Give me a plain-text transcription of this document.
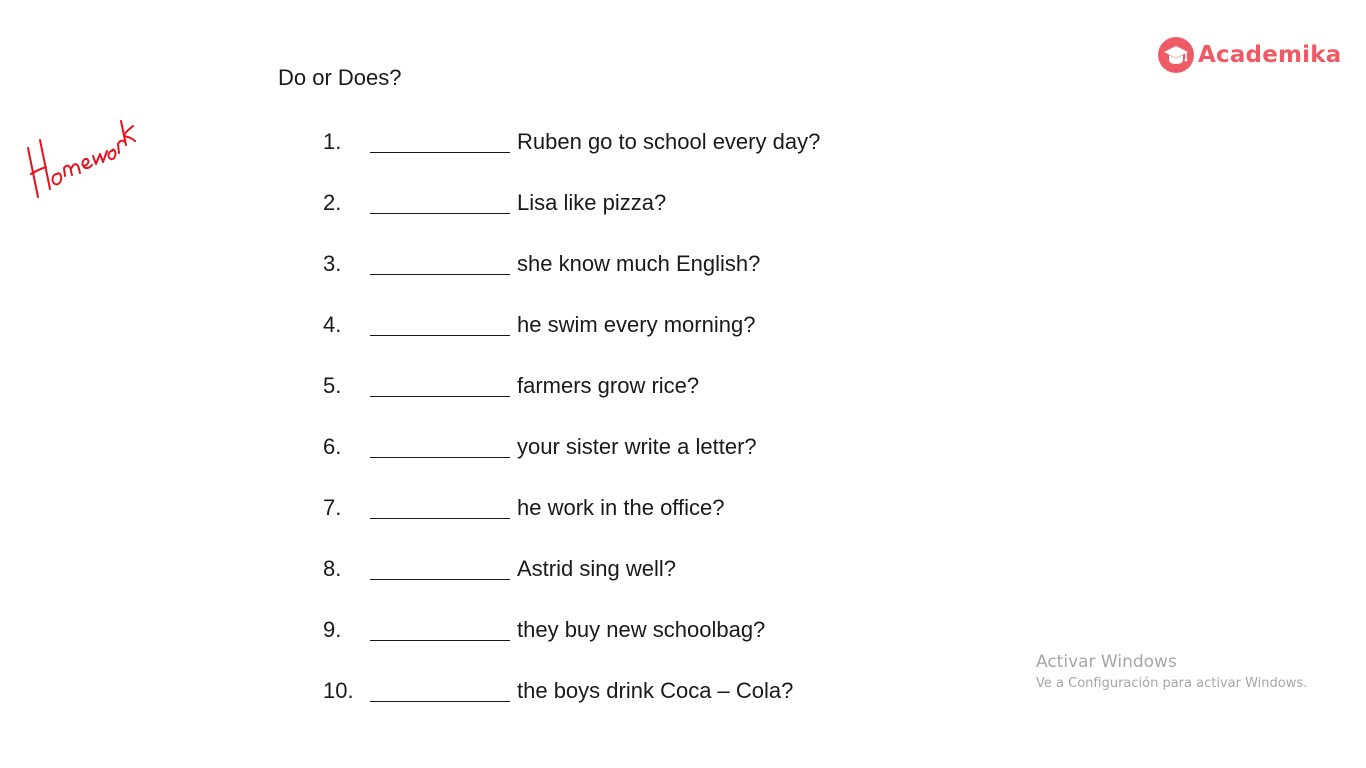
Do or Does?
1.	Ruben go to school every day?
2.	Lisa like pizza?
3.	she know much English?
4.	he swim every morning?
5.	farmers grow rice?
6.	your sister write a letter?
7.	he work in the office?
8.	Astrid sing well?
9.	they buy new schoolbag?
10.	the boys drink Coca – Cola?
Academika
Activar Windows
Ve a Configuración para activar Windows.
